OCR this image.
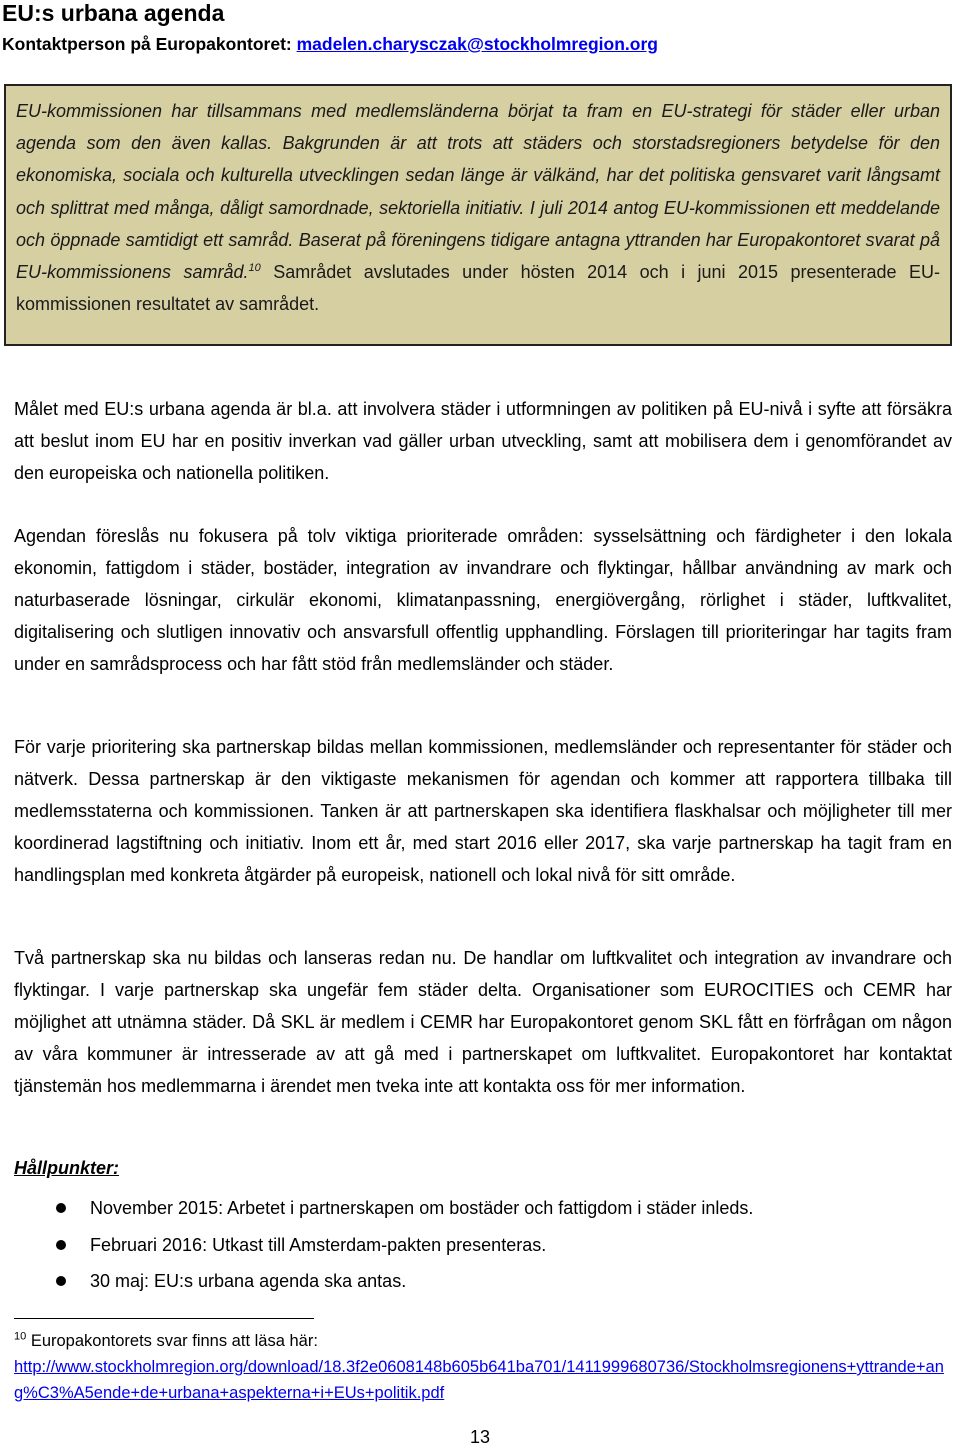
EU:s urbana agenda
Kontaktperson på Europakontoret: madelen.charysczak@stockholmregion.org

EU-kommissionen har tillsammans med medlemsländerna börjat ta fram en EU-strategi för städer eller urban agenda som den även kallas. Bakgrunden är att trots att städers och storstadsregioners betydelse för den ekonomiska, sociala och kulturella utvecklingen sedan länge är välkänd, har det politiska gensvaret varit långsamt och splittrat med många, dåligt samordnade, sektoriella initiativ. I juli 2014 antog EU-kommissionen ett meddelande och öppnade samtidigt ett samråd. Baserat på föreningens tidigare antagna yttranden har Europakontoret svarat på EU-kommissionens samråd.$^{10}$ Samrådet avslutades under hösten 2014 och i juni 2015 presenterade EU-kommissionen resultatet av samrådet.

Målet med EU:s urbana agenda är bl.a. att involvera städer i utformningen av politiken på EU-nivå i syfte att försäkra att beslut inom EU har en positiv inverkan vad gäller urban utveckling, samt att mobilisera dem i genomförandet av den europeiska och nationella politiken.

Agendan föreslås nu fokusera på tolv viktiga prioriterade områden: sysselsättning och färdigheter i den lokala ekonomin, fattigdom i städer, bostäder, integration av invandrare och flyktingar, hållbar användning av mark och naturbaserade lösningar, cirkulär ekonomi, klimatanpassning, energiövergång, rörlighet i städer, luftkvalitet, digitalisering och slutligen innovativ och ansvarsfull offentlig upphandling. Förslagen till prioriteringar har tagits fram under en samrådsprocess och har fått stöd från medlemsländer och städer.

För varje prioritering ska partnerskap bildas mellan kommissionen, medlemsländer och representanter för städer och nätverk. Dessa partnerskap är den viktigaste mekanismen för agendan och kommer att rapportera tillbaka till medlemsstaterna och kommissionen. Tanken är att partnerskapen ska identifiera flaskhalsar och möjligheter till mer koordinerad lagstiftning och initiativ. Inom ett år, med start 2016 eller 2017, ska varje partnerskap ha tagit fram en handlingsplan med konkreta åtgärder på europeisk, nationell och lokal nivå för sitt område.

Två partnerskap ska nu bildas och lanseras redan nu. De handlar om luftkvalitet och integration av invandrare och flyktingar. I varje partnerskap ska ungefär fem städer delta. Organisationer som EUROCITIES och CEMR har möjlighet att utnämna städer. Då SKL är medlem i CEMR har Europakontoret genom SKL fått en förfrågan om någon av våra kommuner är intresserade av att gå med i partnerskapet om luftkvalitet. Europakontoret har kontaktat tjänstemän hos medlemmarna i ärendet men tveka inte att kontakta oss för mer information.

Hållpunkter:
November 2015: Arbetet i partnerskapen om bostäder och fattigdom i städer inleds.
Februari 2016: Utkast till Amsterdam-pakten presenteras.
30 maj: EU:s urbana agenda ska antas.
$^{10}$ Europakontorets svar finns att läsa här:
http://www.stockholmregion.org/download/18.3f2e0608148b605b641ba701/1411999680736/Stockholmsregionens+yttrande+ang%C3%A5ende+de+urbana+aspekterna+i+EUs+politik.pdf
13
